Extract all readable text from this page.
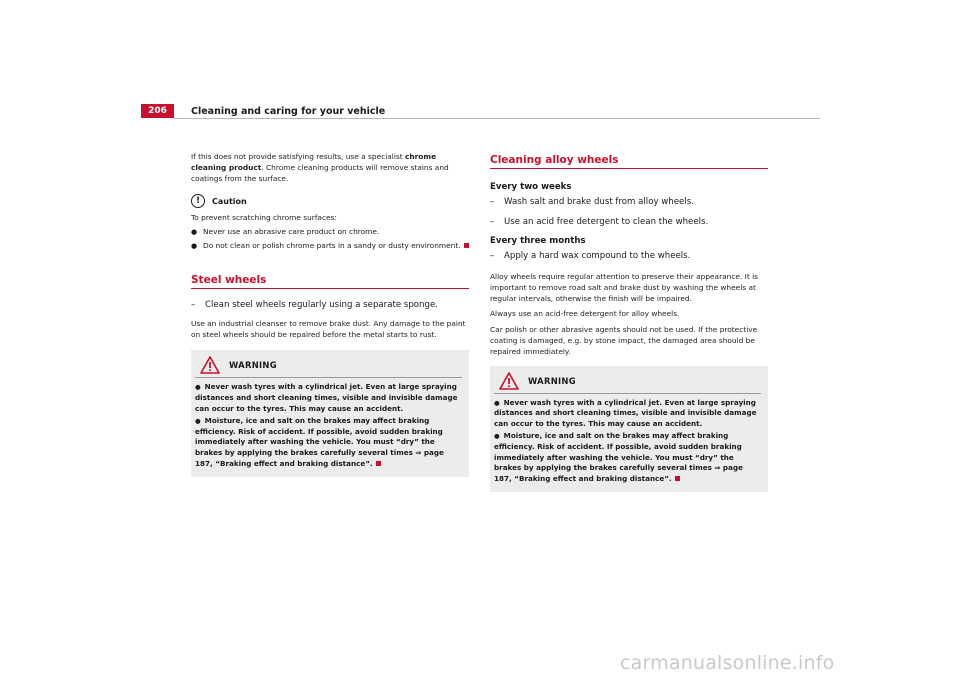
206	Cleaning and caring for your vehicle

If this does not provide satisfying results, use a specialist chrome cleaning product. Chrome cleaning products will remove stains and coatings from the surface.

!	Caution
To prevent scratching chrome surfaces:
● Never use an abrasive care product on chrome.
● Do not clean or polish chrome parts in a sandy or dusty environment.
Steel wheels
–	Clean steel wheels regularly using a separate sponge.

Use an industrial cleanser to remove brake dust. Any damage to the paint on steel wheels should be repaired before the metal starts to rust.

WARNING
● Never wash tyres with a cylindrical jet. Even at large spraying distances and short cleaning times, visible and invisible damage can occur to the tyres. This may cause an accident.
● Moisture, ice and salt on the brakes may affect braking efficiency. Risk of accident. If possible, avoid sudden braking immediately after washing the vehicle. You must “dry” the brakes by applying the brakes carefully several times ⇒ page 187, “Braking effect and braking distance”.
Cleaning alloy wheels
Every two weeks
–	Wash salt and brake dust from alloy wheels.
–	Use an acid free detergent to clean the wheels.
Every three months
–	Apply a hard wax compound to the wheels.

Alloy wheels require regular attention to preserve their appearance. It is important to remove road salt and brake dust by washing the wheels at regular intervals, otherwise the finish will be impaired.

Always use an acid-free detergent for alloy wheels.

Car polish or other abrasive agents should not be used. If the protective coating is damaged, e.g. by stone impact, the damaged area should be repaired immediately.

WARNING
● Never wash tyres with a cylindrical jet. Even at large spraying distances and short cleaning times, visible and invisible damage can occur to the tyres. This may cause an accident.
● Moisture, ice and salt on the brakes may affect braking efficiency. Risk of accident. If possible, avoid sudden braking immediately after washing the vehicle. You must “dry” the brakes by applying the brakes carefully several times ⇒ page 187, “Braking effect and braking distance”.
carmanualsonline.info
